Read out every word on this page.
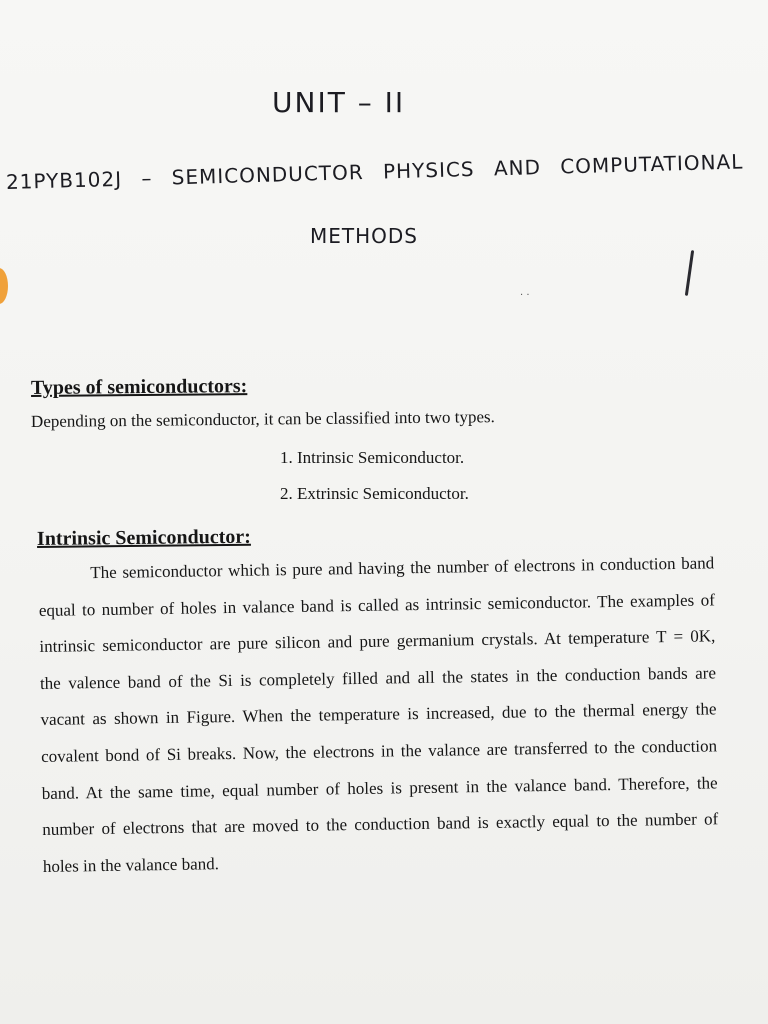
UNIT – II
21PYB102J – SEMICONDUCTOR PHYSICS AND COMPUTATIONAL
METHODS
· ·
Types of semiconductors:
Depending on the semiconductor, it can be classified into two types.
1. Intrinsic Semiconductor.
2. Extrinsic Semiconductor.
Intrinsic Semiconductor:
The semiconductor which is pure and having the number of electrons in conduction band
equal to number of holes in valance band is called as intrinsic semiconductor. The examples of
intrinsic semiconductor are pure silicon and pure germanium crystals. At temperature T = 0K,
the valence band of the Si is completely filled and all the states in the conduction bands are
vacant as shown in Figure. When the temperature is increased, due to the thermal energy the
covalent bond of Si breaks. Now, the electrons in the valance are transferred to the conduction
band. At the same time, equal number of holes is present in the valance band. Therefore, the
number of electrons that are moved to the conduction band is exactly equal to the number of
holes in the valance band.
